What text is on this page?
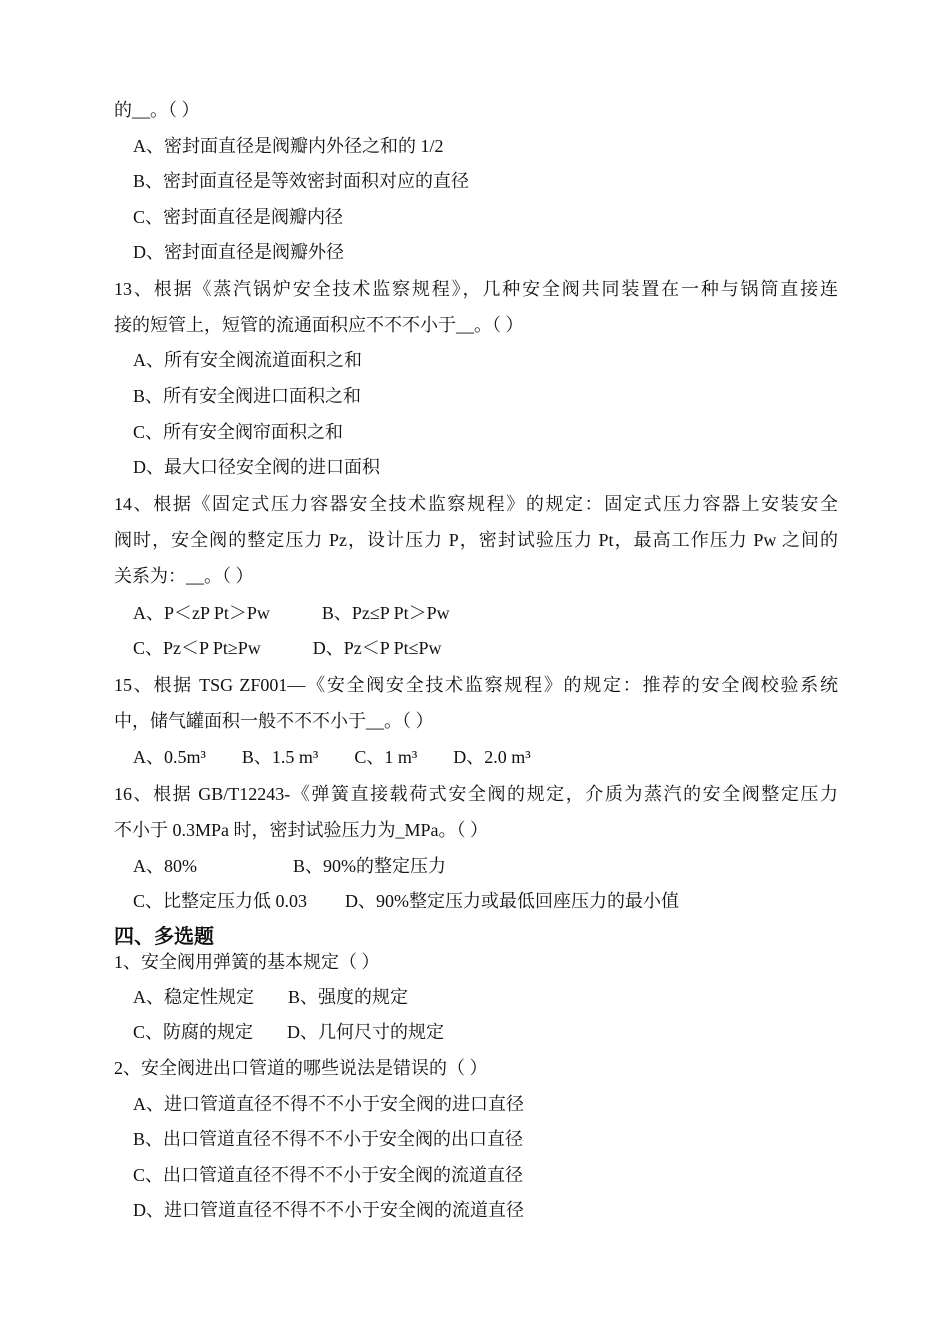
的__。（ ）
A、密封面直径是阀瓣内外径之和的 1/2
B、密封面直径是等效密封面积对应的直径
C、密封面直径是阀瓣内径
D、密封面直径是阀瓣外径
13、根据《蒸汽锅炉安全技术监察规程》，几种安全阀共同装置在一种与锅筒直接连
接的短管上，短管的流通面积应不不不小于__。（ ）
A、所有安全阀流道面积之和
B、所有安全阀进口面积之和
C、所有安全阀帘面积之和
D、最大口径安全阀的进口面积
14、根据《固定式压力容器安全技术监察规程》的规定：固定式压力容器上安装安全
阀时，安全阀的整定压力 Pz，设计压力 P，密封试验压力 Pt，最高工作压力 Pw 之间的
关系为：__。（ ）
A、P＜zP Pt＞Pw	B、Pz≤P Pt＞Pw
C、Pz＜P Pt≥Pw	D、Pz＜P Pt≤Pw
15、根据 TSG ZF001—《安全阀安全技术监察规程》的规定：推荐的安全阀校验系统
中，储气罐面积一般不不不小于__。（ ）
A、0.5m³ B、1.5 m³ C、1 m³ D、2.0 m³
16、根据 GB/T12243-《弹簧直接载荷式安全阀的规定，介质为蒸汽的安全阀整定压力
不小于 0.3MPa 时，密封试验压力为_MPa。（ ）
A、80%	B、90%的整定压力
C、比整定压力低 0.03 D、90%整定压力或最低回座压力的最小值
四、多选题
1、安全阀用弹簧的基本规定（ ）
A、稳定性规定 B、强度的规定
C、防腐的规定 D、几何尺寸的规定
2、安全阀进出口管道的哪些说法是错误的（ ）
A、进口管道直径不得不不小于安全阀的进口直径
B、出口管道直径不得不不小于安全阀的出口直径
C、出口管道直径不得不不小于安全阀的流道直径
D、进口管道直径不得不不小于安全阀的流道直径
